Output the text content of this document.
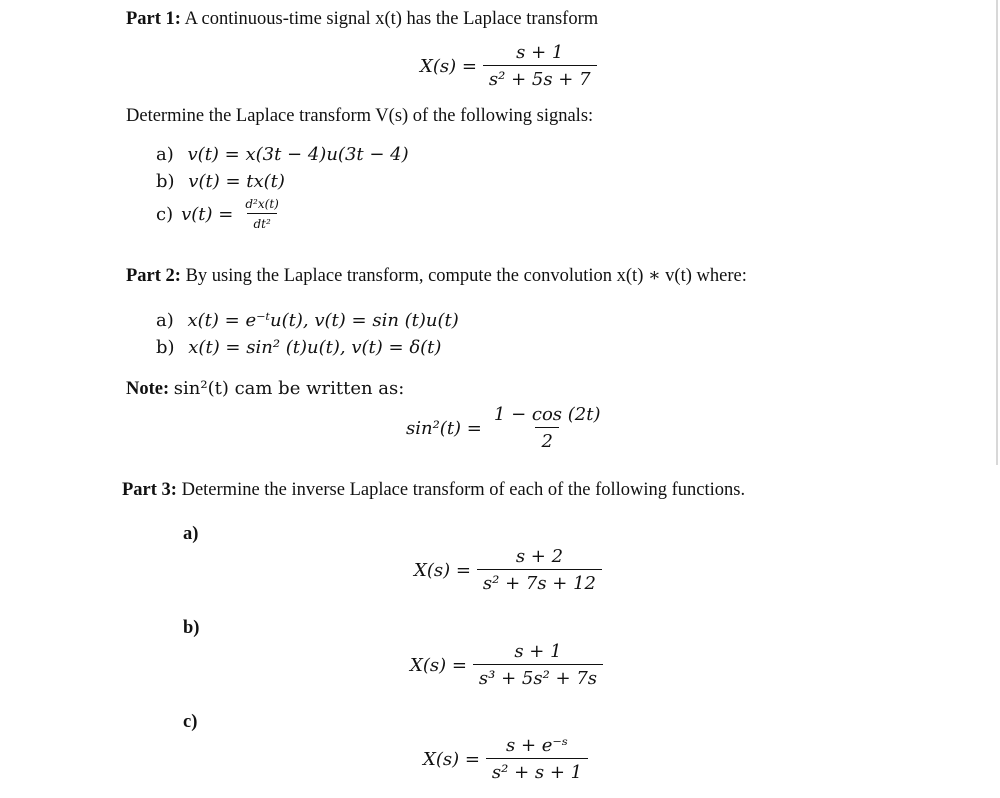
Part 1: A continuous-time signal x(t) has the Laplace transform
$X(s) = \frac{s + 1}{\text{s² + 5s + 7}}$
Determine the Laplace transform V(s) of the following signals:
a) v(t) = x(3t − 4)u(3t − 4)
b) v(t) = tx(t)
c) $v(t) = \frac{\text{d²x(t)}}{\text{dt²}}$
Part 2: By using the Laplace transform, compute the convolution x(t) ∗ v(t) where:
a) x(t) = e⁻ᵗu(t), v(t) = sin (t)u(t)
b) x(t) = sin² (t)u(t), v(t) = δ(t)
Note: sin²(t) cam be written as:
$\sin^2(t) = \frac{1 - \cos (2t)}{2}$
Part 3: Determine the inverse Laplace transform of each of the following functions.
a)
$X(s) = \frac{s + 2}{\text{s² + 7s + 12}}$
b)
$X(s) = \frac{s + 1}{\text{s³ + 5s² + 7s}}$
c)
$X(s) = \frac{\text{s + e⁻ˢ}}{\text{s² + s + 1}}$
